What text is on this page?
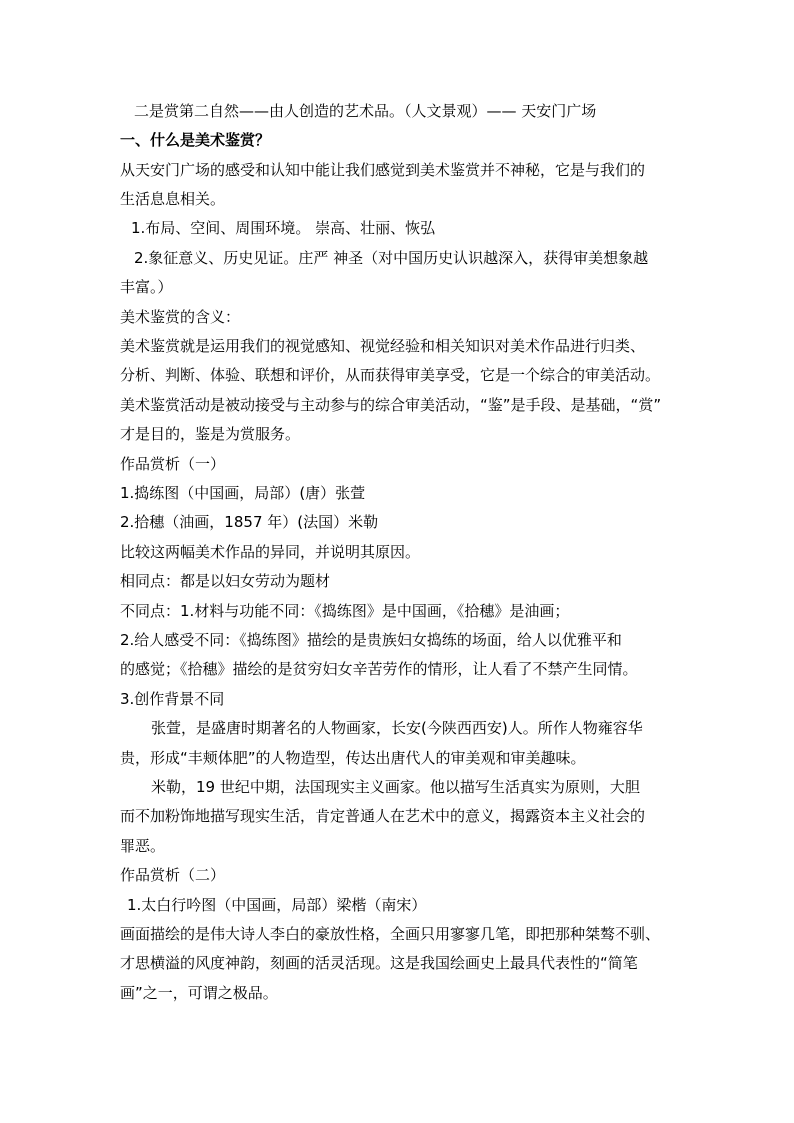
二是赏第二自然——由人创造的艺术品。（人文景观）—— 天安门广场
一、什么是美术鉴赏？
从天安门广场的感受和认知中能让我们感觉到美术鉴赏并不神秘，它是与我们的
生活息息相关。
1.布局、空间、周围环境。 崇高、壮丽、恢弘
2.象征意义、历史见证。庄严 神圣（对中国历史认识越深入，获得审美想象越
丰富。）
美术鉴赏的含义：
美术鉴赏就是运用我们的视觉感知、视觉经验和相关知识对美术作品进行归类、
分析、判断、体验、联想和评价，从而获得审美享受，它是一个综合的审美活动。
美术鉴赏活动是被动接受与主动参与的综合审美活动，“鉴”是手段、是基础，“赏”
才是目的，鉴是为赏服务。
作品赏析（一）
1.捣练图（中国画，局部）(唐）张萱
2.拾穗（油画，1857 年）(法国）米勒
比较这两幅美术作品的异同，并说明其原因。
相同点：都是以妇女劳动为题材
不同点：1.材料与功能不同：《捣练图》是中国画，《拾穗》是油画；
2.给人感受不同：《捣练图》描绘的是贵族妇女捣练的场面，给人以优雅平和
的感觉；《拾穗》描绘的是贫穷妇女辛苦劳作的情形，让人看了不禁产生同情。
3.创作背景不同
张萱，是盛唐时期著名的人物画家，长安(今陕西西安)人。所作人物雍容华
贵，形成“丰颊体肥”的人物造型，传达出唐代人的审美观和审美趣味。
米勒，19 世纪中期，法国现实主义画家。他以描写生活真实为原则，大胆
而不加粉饰地描写现实生活，肯定普通人在艺术中的意义，揭露资本主义社会的
罪恶。
作品赏析（二）
1.太白行吟图（中国画，局部）梁楷（南宋）
画面描绘的是伟大诗人李白的豪放性格，全画只用寥寥几笔，即把那种桀骜不驯、
才思横溢的风度神韵，刻画的活灵活现。这是我国绘画史上最具代表性的“简笔
画”之一，可谓之极品。
